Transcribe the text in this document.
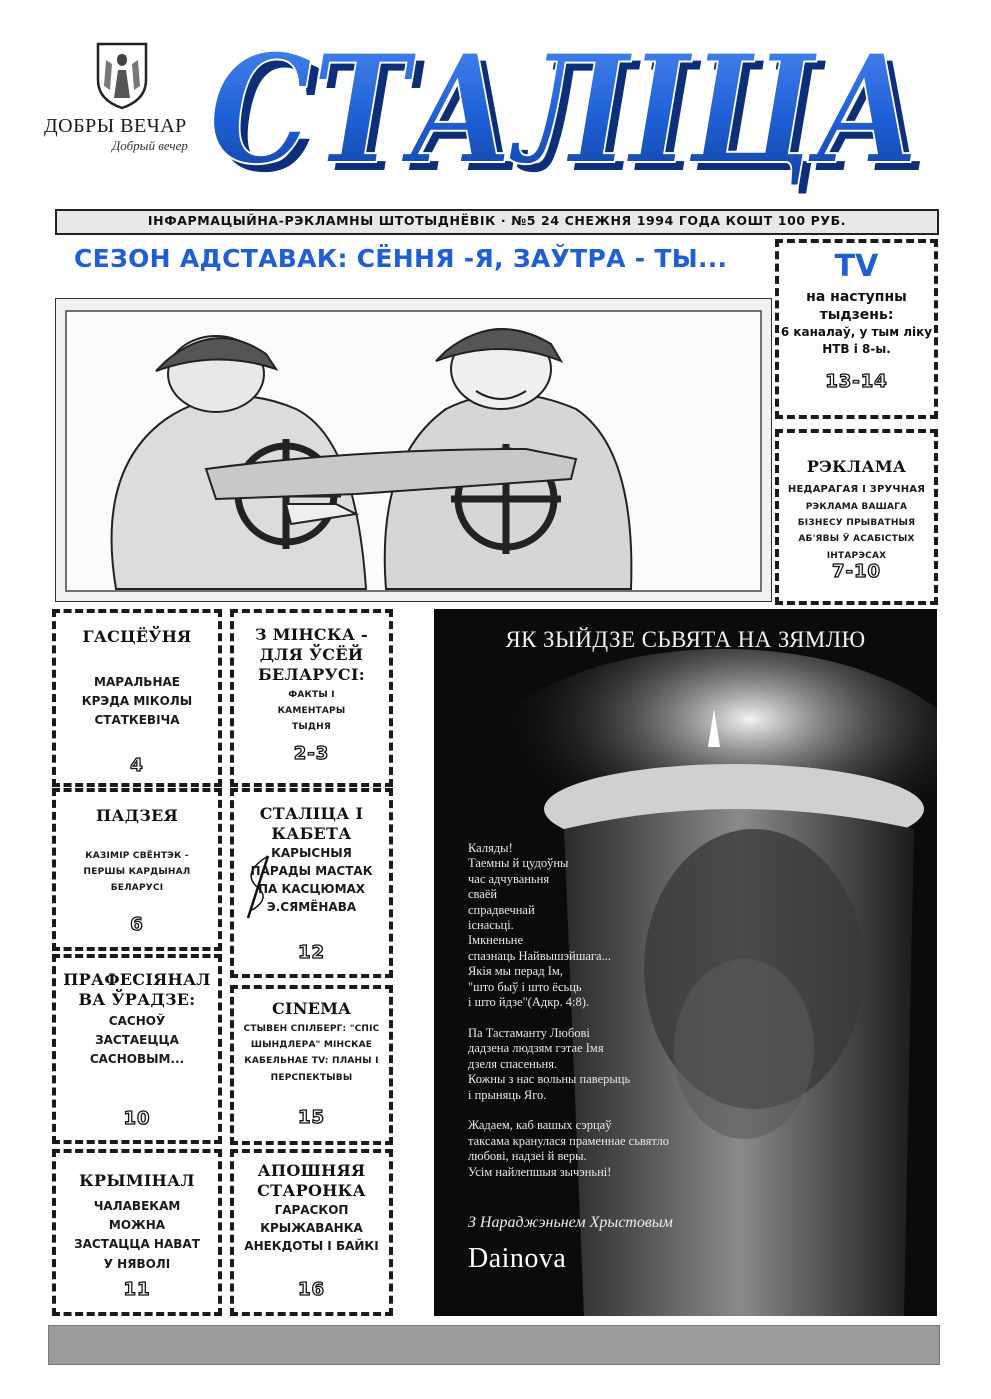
ДОБРЫ ВЕЧАР
Добрый вечер СТАЛІЦА
СТАЛІЦА
ІНФАРМАЦЫЙНА-РЭКЛАМНЫ ШТОТЫДНЁВІК · №5 24 СНЕЖНЯ 1994 ГОДА КОШТ 100 РУБ.
СЕЗОН АДСТАВАК: СЁННЯ -Я, ЗАЎТРА - ТЫ...	TV
на наступны тыдзень:
6 каналаў, у тым ліку НТВ і 8-ы.
13-14
РЭКЛАМА
НЕДАРАГАЯ І ЗРУЧНАЯ
РЭКЛАМА ВАШАГА БІЗНЕСУ ПРЫВАТНЫЯ АБ'ЯВЫ Ў АСАБІСТЫХ ІНТАРЭСАХ
7-10
ГАСЦЁЎНЯ
МАРАЛЬНАЕ КРЭДА МІКОЛЫ СТАТКЕВІЧА
4
ПАДЗЕЯ
КАЗІМІР СВЁНТЭК - ПЕРШЫ КАРДЫНАЛ БЕЛАРУСІ
6
ПРАФЕСІЯНАЛ ВА ЎРАДЗЕ:
САСНОЎ ЗАСТАЕЦЦА САСНОВЫМ...
10
КРЫМІНАЛ
ЧАЛАВЕКАМ МОЖНА ЗАСТАЦЦА НАВАТ У НЯВОЛІ
11
З МІНСКА - ДЛЯ ЎСЁЙ БЕЛАРУСІ:
ФАКТЫ І КАМЕНТАРЫ ТЫДНЯ
2-3
СТАЛІЦА І КАБЕТА
КАРЫСНЫЯ ПАРАДЫ МАСТАК ПА КАСЦЮМАХ Э.СЯМЁНАВА
12
CINEMA
СТЫВЕН СПІЛБЕРГ: "СПІС ШЫНДЛЕРА" МІНСКАЕ КАБЕЛЬНАЕ TV: ПЛАНЫ І ПЕРСПЕКТЫВЫ
15
АПОШНЯЯ СТАРОНКА
ГАРАСКОП КРЫЖАВАНКА АНЕКДОТЫ І БАЙКІ
16
ЯК ЗЫЙДЗЕ СЬВЯТА НА ЗЯМЛЮ
Каляды!
Таемны й цудоўны
час адчуваньня
сваёй
спрадвечнай
існасьці.
Імкненьне
спазнаць Найвышэйшага...
Якія мы перад Ім,
"што быў і што ёсьць
і што йдзе"(Адкр. 4:8).

Па Тастаманту Любові
дадзена людзям гэтае Імя
дзеля спасеньня.
Кожны з нас вольны паверыць
і прыняць Яго.

Жадаем, каб вашых сэрцаў
таксама кранулася праменнае сьвятло
любові, надзеі й веры.
Усім найлепшыя зычэньні!
З Нараджэньнем Хрыстовым
Dainova
